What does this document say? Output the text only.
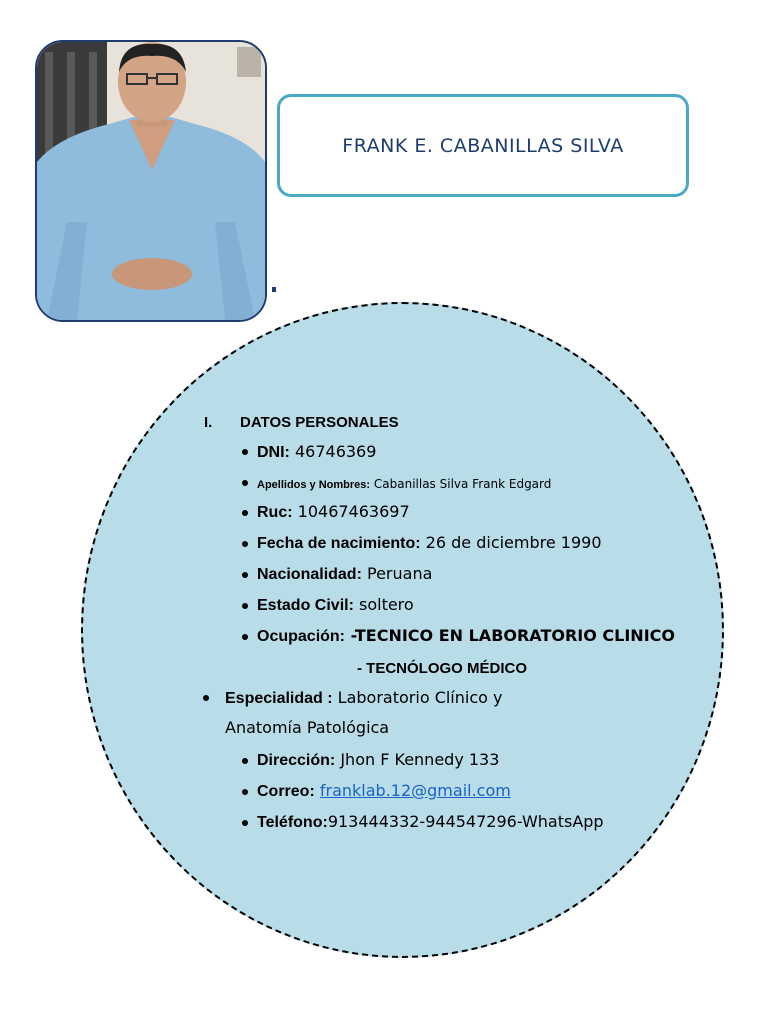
FRANK E. CABANILLAS SILVA
I. DATOS PERSONALES
DNI: 46746369
Apellidos y Nombres: Cabanillas Silva Frank Edgard
Ruc: 10467463697
Fecha de nacimiento: 26 de diciembre 1990
Nacionalidad: Peruana
Estado Civil: soltero
Ocupación: -TECNICO EN LABORATORIO CLINICO
- TECNÓLOGO MÉDICO
Especialidad : Laboratorio Clínico y
Anatomía Patológica
Dirección: Jhon F Kennedy 133
Correo: franklab.12@gmail.com
Teléfono:913444332-944547296-WhatsApp
